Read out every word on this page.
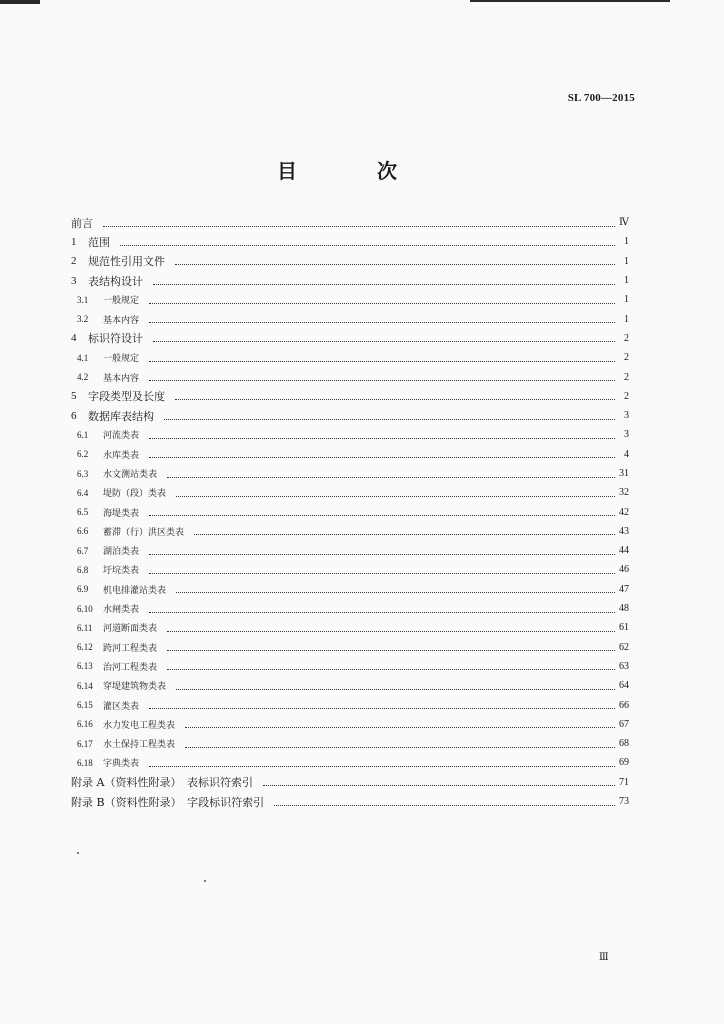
SL 700—2015
目　次
前言	Ⅳ
1	范围	1
2	规范性引用文件	1
3	表结构设计	1
3.1	一般规定	1
3.2	基本内容	1
4	标识符设计	2
4.1	一般规定	2
4.2	基本内容	2
5	字段类型及长度	2
6	数据库表结构	3
6.1	河流类表	3
6.2	水库类表	4
6.3	水文测站类表	31
6.4	堤防（段）类表	32
6.5	海堤类表	42
6.6	蓄滞（行）洪区类表	43
6.7	湖泊类表	44
6.8	圩垸类表	46
6.9	机电排灌站类表	47
6.10	水闸类表	48
6.11	河道断面类表	61
6.12	跨河工程类表	62
6.13	治河工程类表	63
6.14	穿堤建筑物类表	64
6.15	灌区类表	66
6.16	水力发电工程类表	67
6.17	水土保持工程类表	68
6.18	字典类表	69
附录 A（资料性附录）　表标识符索引	71
附录 B（资料性附录）　字段标识符索引	73
Ⅲ
